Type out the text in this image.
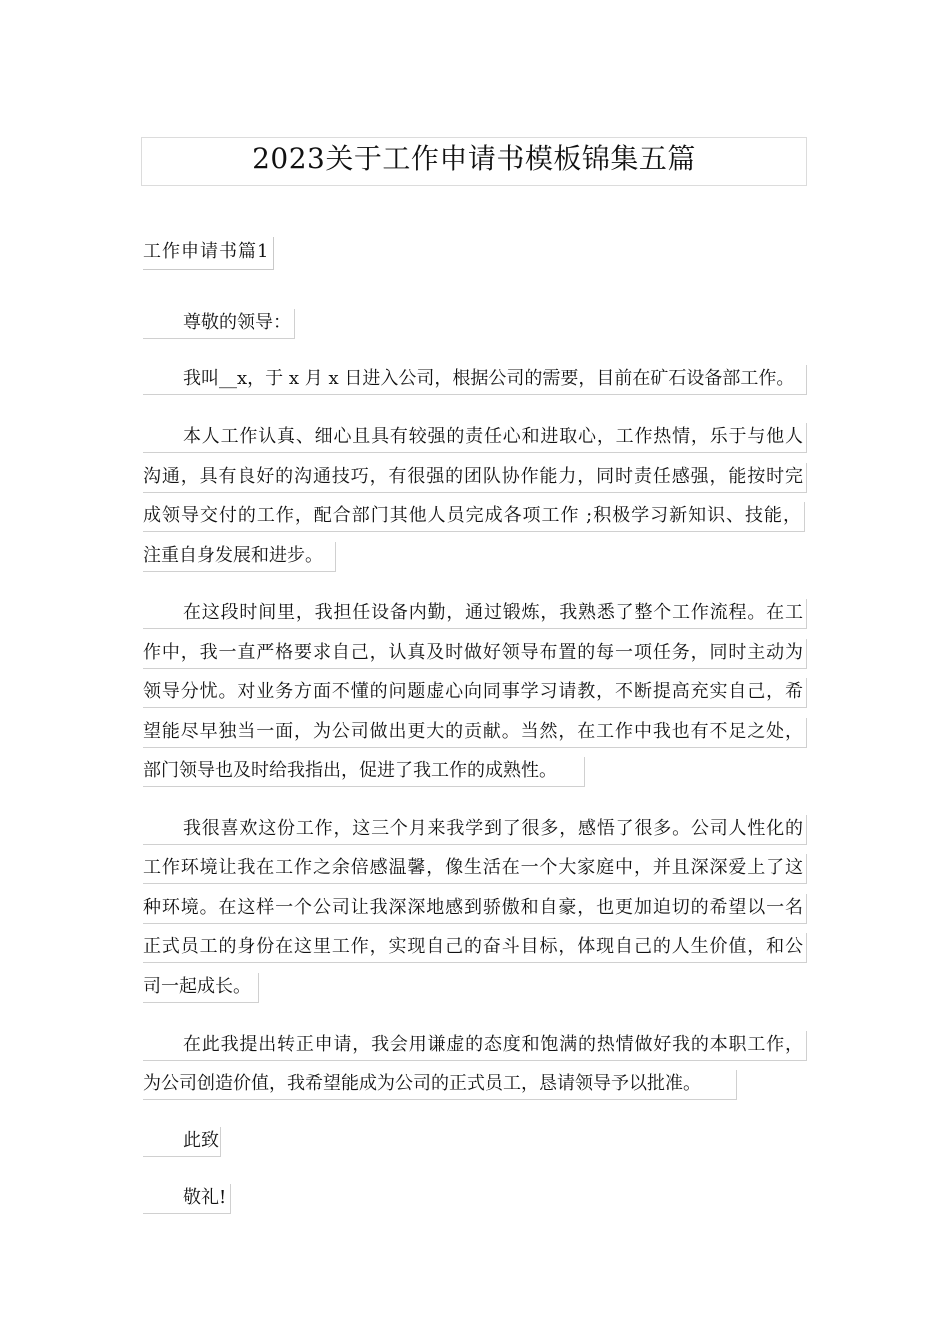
2023关于工作申请书模板锦集五篇
工作申请书篇1
尊敬的领导：
我叫__x，于 x 月 x 日进入公司，根据公司的需要，目前在矿石设备部工作。
本人工作认真、细心且具有较强的责任心和进取心，工作热情，乐于与他人
沟通，具有良好的沟通技巧，有很强的团队协作能力，同时责任感强，能按时完
成领导交付的工作，配合部门其他人员完成各项工作 ;积极学习新知识、技能，
注重自身发展和进步。
在这段时间里，我担任设备内勤，通过锻炼，我熟悉了整个工作流程。在工
作中，我一直严格要求自己，认真及时做好领导布置的每一项任务，同时主动为
领导分忧。对业务方面不懂的问题虚心向同事学习请教，不断提高充实自己，希
望能尽早独当一面，为公司做出更大的贡献。当然，在工作中我也有不足之处，
部门领导也及时给我指出，促进了我工作的成熟性。
我很喜欢这份工作，这三个月来我学到了很多，感悟了很多。公司人性化的
工作环境让我在工作之余倍感温馨，像生活在一个大家庭中，并且深深爱上了这
种环境。在这样一个公司让我深深地感到骄傲和自豪，也更加迫切的希望以一名
正式员工的身份在这里工作，实现自己的奋斗目标，体现自己的人生价值，和公
司一起成长。
在此我提出转正申请，我会用谦虚的态度和饱满的热情做好我的本职工作，
为公司创造价值，我希望能成为公司的正式员工，恳请领导予以批准。
此致
敬礼!
